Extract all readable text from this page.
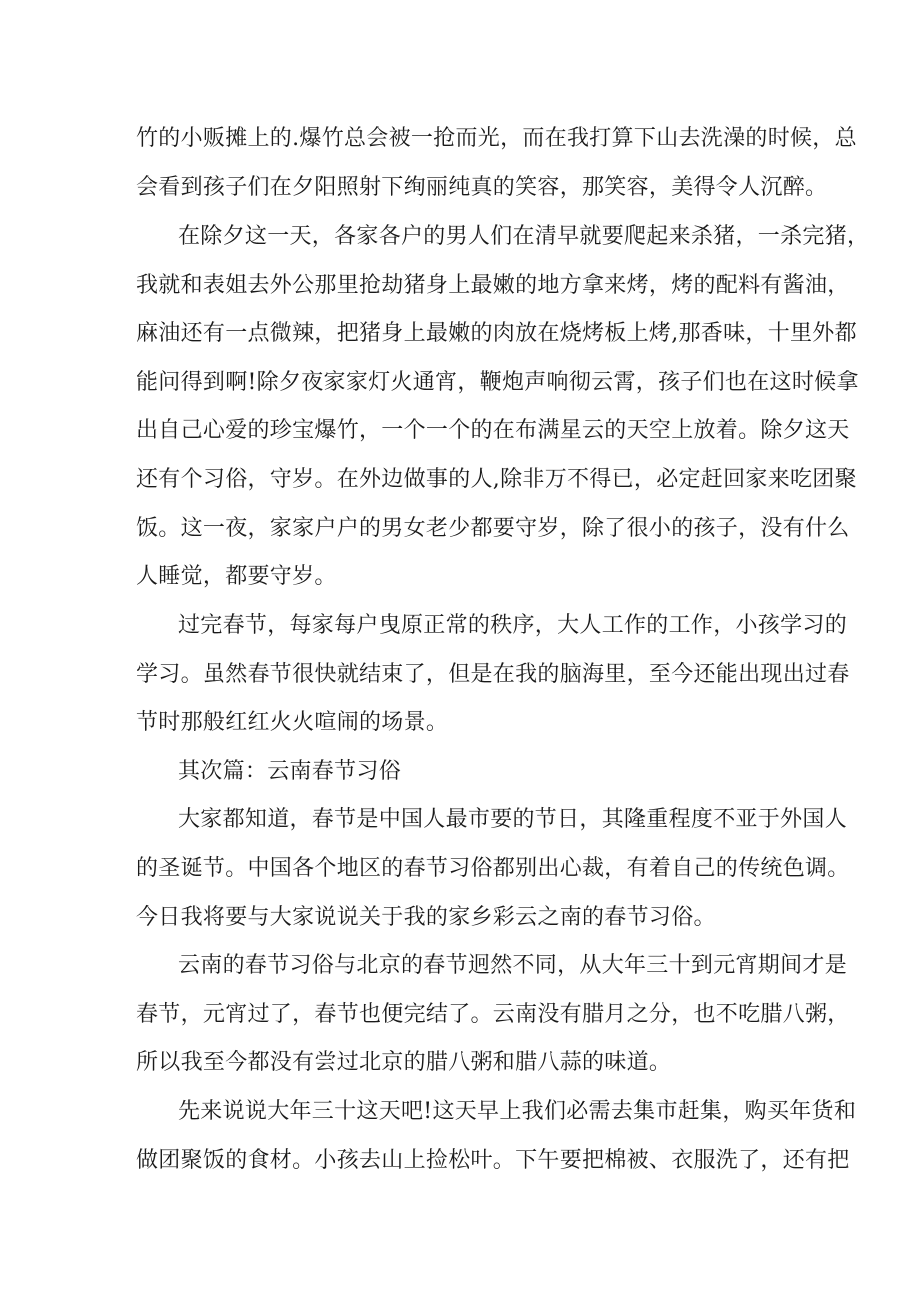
竹的小贩摊上的.爆竹总会被一抢而光，而在我打算下山去洗澡的时候，总
会看到孩子们在夕阳照射下绚丽纯真的笑容，那笑容，美得令人沉醉。
在除夕这一天，各家各户的男人们在清早就要爬起来杀猪，一杀完猪，
我就和表姐去外公那里抢劫猪身上最嫩的地方拿来烤，烤的配料有酱油，
麻油还有一点微辣，把猪身上最嫩的肉放在烧烤板上烤,那香味，十里外都
能问得到啊!除夕夜家家灯火通宵，鞭炮声响彻云霄，孩子们也在这时候拿
出自己心爱的珍宝爆竹，一个一个的在布满星云的天空上放着。除夕这天
还有个习俗，守岁。在外边做事的人,除非万不得已，必定赶回家来吃团聚
饭。这一夜，家家户户的男女老少都要守岁，除了很小的孩子，没有什么
人睡觉，都要守岁。
过完春节，每家每户曳原正常的秩序，大人工作的工作，小孩学习的
学习。虽然春节很快就结束了，但是在我的脑海里，至今还能出现出过春
节时那般红红火火喧闹的场景。
其次篇：云南春节习俗
大家都知道，春节是中国人最市要的节日，其隆重程度不亚于外国人
的圣诞节。中国各个地区的春节习俗都别出心裁，有着自己的传统色调。
今日我将要与大家说说关于我的家乡彩云之南的春节习俗。
云南的春节习俗与北京的春节迥然不同，从大年三十到元宵期间才是
春节，元宵过了，春节也便完结了。云南没有腊月之分，也不吃腊八粥，
所以我至今都没有尝过北京的腊八粥和腊八蒜的味道。
先来说说大年三十这天吧!这天早上我们必需去集市赶集，购买年货和
做团聚饭的食材。小孩去山上捡松叶。下午要把棉被、衣服洗了，还有把
